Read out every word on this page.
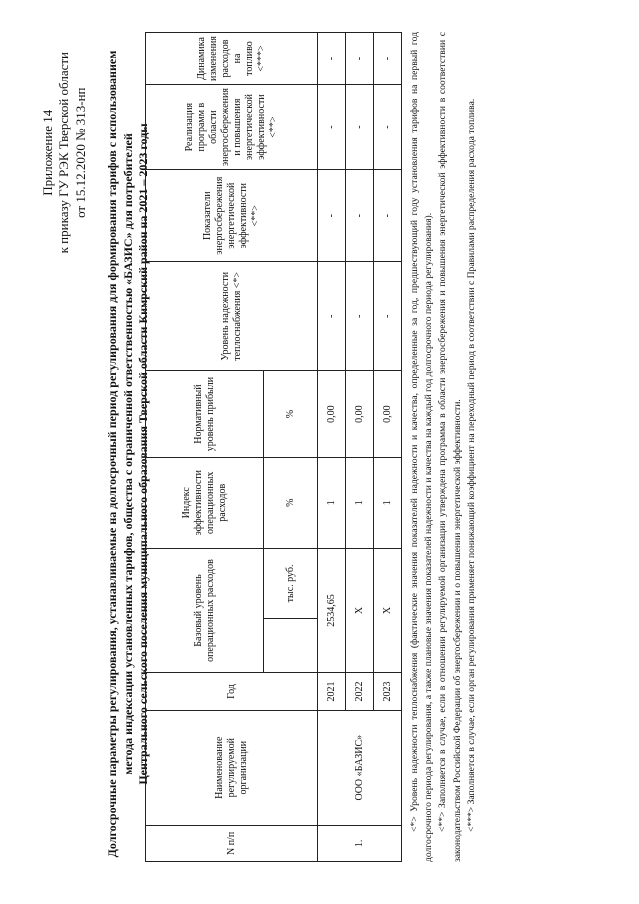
Приложение 14 к приказу ГУ РЭК Тверской области от 15.12.2020 № 313-нп Долгосрочные параметры регулирования, устанавливаемые на долгосрочный период регулирования для формирования тарифов с использованием метода индексации установленных тарифов, общества с ограниченной ответственностью «БАЗИС» для потребителей Центрального сельского поселения муниципального образования Тверской области Кимрский район на 2021 – 2023 годы
N п/п	Наименование регулируемой организации	Год	Базовый уровень операционных расходов		Индекс эффективности операционных расходов	Нормативный уровень прибыли	Уровень надежности теплоснабжения <*>	Показатели энергосбережения энергетической эффективности <**>	Реализация программ в области энергосбережения и повышения энергетической эффективности <**>	Динамика изменения расходов на топливо <***>
				тыс. руб.	%	%				
1.	ООО «БАЗИС»	2021	2534,65		1	0,00	-	-	-	-
		2022	Х		1	0,00	-	-	-	-
		2023	Х		1	0,00	-	-	-	- <*> Уровень надежности теплоснабжения (фактические значения показателей надежности и качества, определенные за год, предшествующий году установления тарифов на первый год долгосрочного периода регулирования, а также плановые значения показателей надежности и качества на каждый год долгосрочного периода регулирования). <**> Заполняется в случае, если в отношении регулируемой организации утверждена программа в области энергосбережения и повышения энергетической эффективности в соответствии с законодательством Российской Федерации об энергосбережении и о повышении энергетической эффективности. <***> Заполняется в случае, если орган регулирования применяет понижающий коэффициент на переходный период в соответствии с Правилами распределения расхода топлива.
